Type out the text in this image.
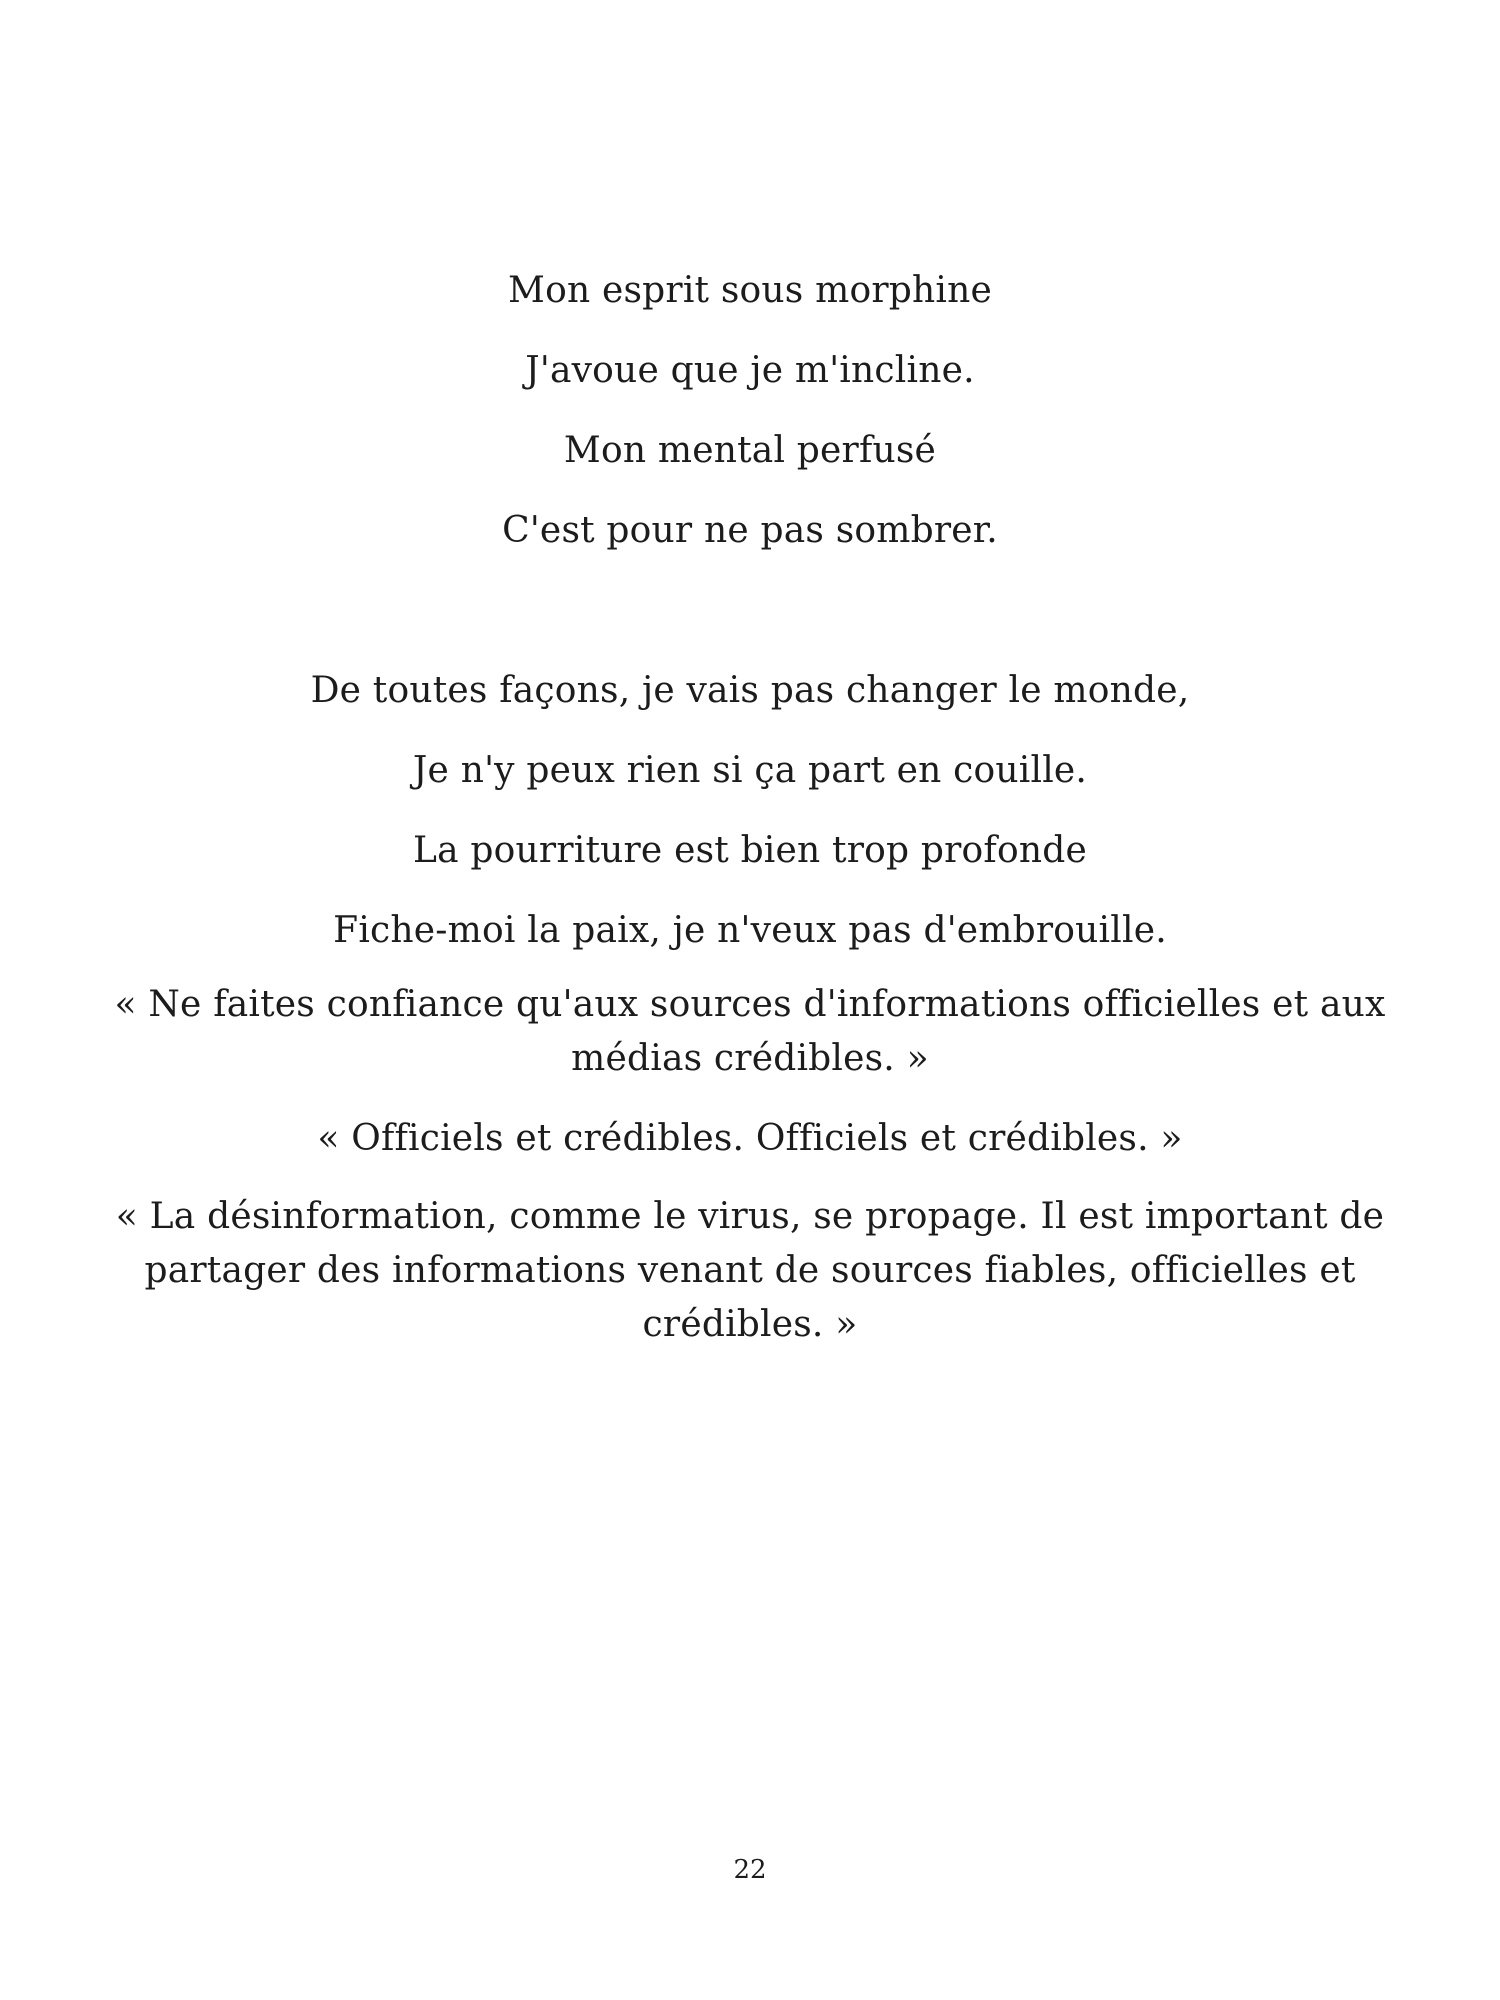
Mon esprit sous morphine
J'avoue que je m'incline.
Mon mental perfusé
C'est pour ne pas sombrer.
De toutes façons, je vais pas changer le monde,
Je n'y peux rien si ça part en couille.
La pourriture est bien trop profonde
Fiche-moi la paix, je n'veux pas d'embrouille.
« Ne faites confiance qu'aux sources d'informations officielles et aux médias crédibles. »
« Officiels et crédibles. Officiels et crédibles. »
« La désinformation, comme le virus, se propage. Il est important de partager des informations venant de sources fiables, officielles et crédibles. »
22
